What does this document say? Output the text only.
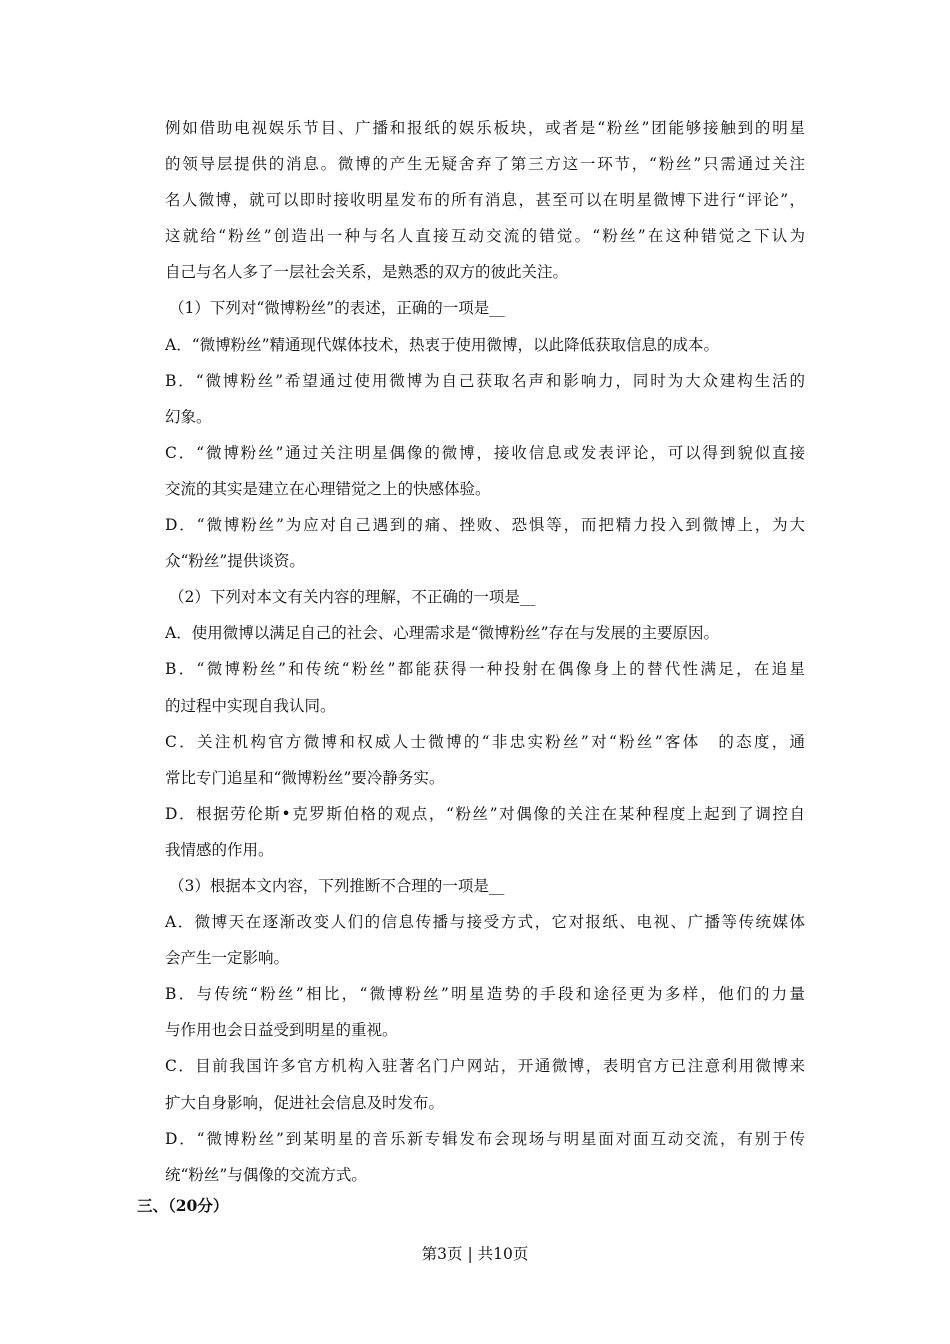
例如借助电视娱乐节目、广播和报纸的娱乐板块，或者是“粉丝”团能够接触到的明星
的领导层提供的消息。微博的产生无疑舍弃了第三方这一环节，“粉丝”只需通过关注
名人微博，就可以即时接收明星发布的所有消息，甚至可以在明星微博下进行“评论”，
这就给“粉丝”创造出一种与名人直接互动交流的错觉。“粉丝”在这种错觉之下认为
自己与名人多了一层社会关系，是熟悉的双方的彼此关注。
（1）下列对“微博粉丝”的表述，正确的一项是__
A．“微博粉丝”精通现代媒体技术，热衷于使用微博，以此降低获取信息的成本。
B．“微博粉丝”希望通过使用微博为自己获取名声和影响力，同时为大众建构生活的
幻象。
C．“微博粉丝”通过关注明星偶像的微博，接收信息或发表评论，可以得到貌似直接
交流的其实是建立在心理错觉之上的快感体验。
D．“微博粉丝”为应对自己遇到的痛、挫败、恐惧等，而把精力投入到微博上，为大
众“粉丝”提供谈资。
（2）下列对本文有关内容的理解，不正确的一项是__
A．使用微博以满足自己的社会、心理需求是“微博粉丝”存在与发展的主要原因。
B．“微博粉丝”和传统“粉丝”都能获得一种投射在偶像身上的替代性满足，在追星
的过程中实现自我认同。
C．关注机构官方微博和权威人士微博的“非忠实粉丝”对“粉丝”客体　的态度，通
常比专门追星和“微博粉丝”要冷静务实。
D．根据劳伦斯•克罗斯伯格的观点，“粉丝”对偶像的关注在某种程度上起到了调控自
我情感的作用。
（3）根据本文内容，下列推断不合理的一项是__
A．微博天在逐渐改变人们的信息传播与接受方式，它对报纸、电视、广播等传统媒体
会产生一定影响。
B．与传统“粉丝”相比，“微博粉丝”明星造势的手段和途径更为多样，他们的力量
与作用也会日益受到明星的重视。
C．目前我国许多官方机构入驻著名门户网站，开通微博，表明官方已注意利用微博来
扩大自身影响，促进社会信息及时发布。
D．“微博粉丝”到某明星的音乐新专辑发布会现场与明星面对面互动交流，有别于传
统“粉丝”与偶像的交流方式。
三、（20分）
第3页 | 共10页
